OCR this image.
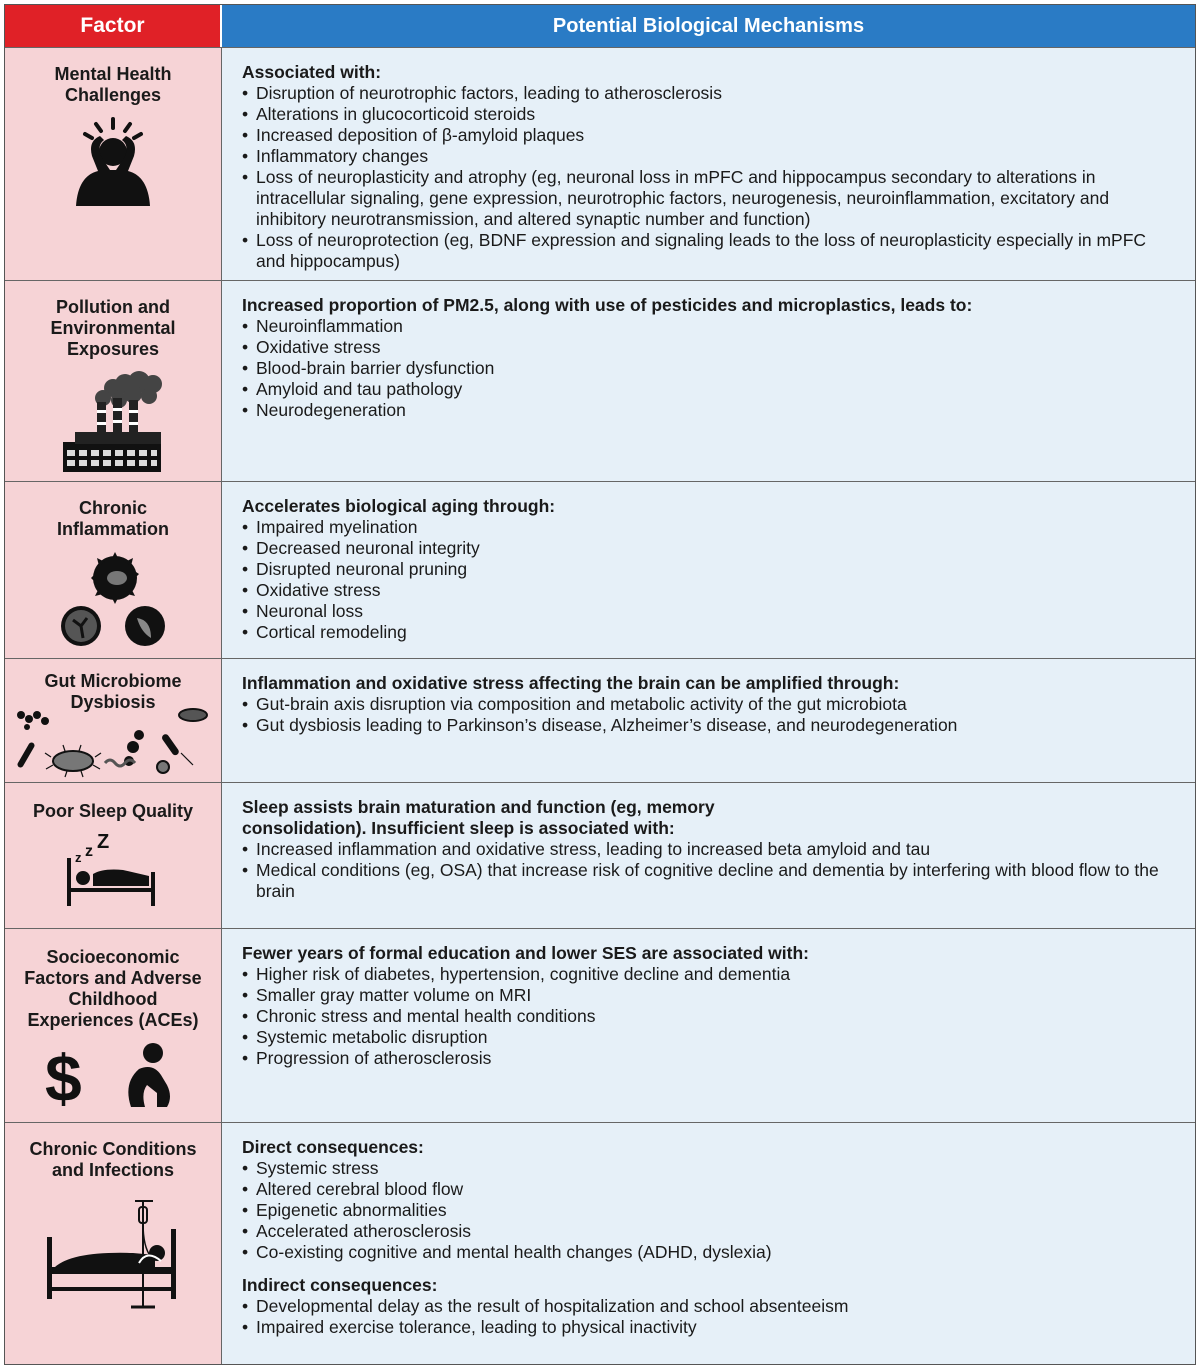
Factor	Potential Biological Mechanisms
Mental Health Challenges
Associated with:
• Disruption of neurotrophic factors, leading to atherosclerosis
• Alterations in glucocorticoid steroids
• Increased deposition of β-amyloid plaques
• Inflammatory changes
• Loss of neuroplasticity and atrophy (eg, neuronal loss in mPFC and hippocampus secondary to alterations in intracellular signaling, gene expression, neurotrophic factors, neurogenesis, neuroinflammation, excitatory and inhibitory neurotransmission, and altered synaptic number and function)
• Loss of neuroprotection (eg, BDNF expression and signaling leads to the loss of neuroplasticity especially in mPFC and hippocampus)
Pollution and Environmental Exposures
Increased proportion of PM2.5, along with use of pesticides and microplastics, leads to:
• Neuroinflammation
• Oxidative stress
• Blood-brain barrier dysfunction
• Amyloid and tau pathology
• Neurodegeneration
Chronic Inflammation
Accelerates biological aging through:
• Impaired myelination
• Decreased neuronal integrity
• Disrupted neuronal pruning
• Oxidative stress
• Neuronal loss
• Cortical remodeling
Gut Microbiome Dysbiosis
Inflammation and oxidative stress affecting the brain can be amplified through:
• Gut-brain axis disruption via composition and metabolic activity of the gut microbiota
• Gut dysbiosis leading to Parkinson’s disease, Alzheimer’s disease, and neurodegeneration
Poor Sleep Quality
z z Z
Sleep assists brain maturation and function (eg, memory consolidation). Insufficient sleep is associated with:
• Increased inflammation and oxidative stress, leading to increased beta amyloid and tau
• Medical conditions (eg, OSA) that increase risk of cognitive decline and dementia by interfering with blood flow to the brain
Socioeconomic Factors and Adverse Childhood Experiences (ACEs)
$
Fewer years of formal education and lower SES are associated with:
• Higher risk of diabetes, hypertension, cognitive decline and dementia
• Smaller gray matter volume on MRI
• Chronic stress and mental health conditions
• Systemic metabolic disruption
• Progression of atherosclerosis
Chronic Conditions and Infections
Direct consequences:
• Systemic stress
• Altered cerebral blood flow
• Epigenetic abnormalities
• Accelerated atherosclerosis
• Co-existing cognitive and mental health changes (ADHD, dyslexia)
Indirect consequences:
• Developmental delay as the result of hospitalization and school absenteeism
• Impaired exercise tolerance, leading to physical inactivity
